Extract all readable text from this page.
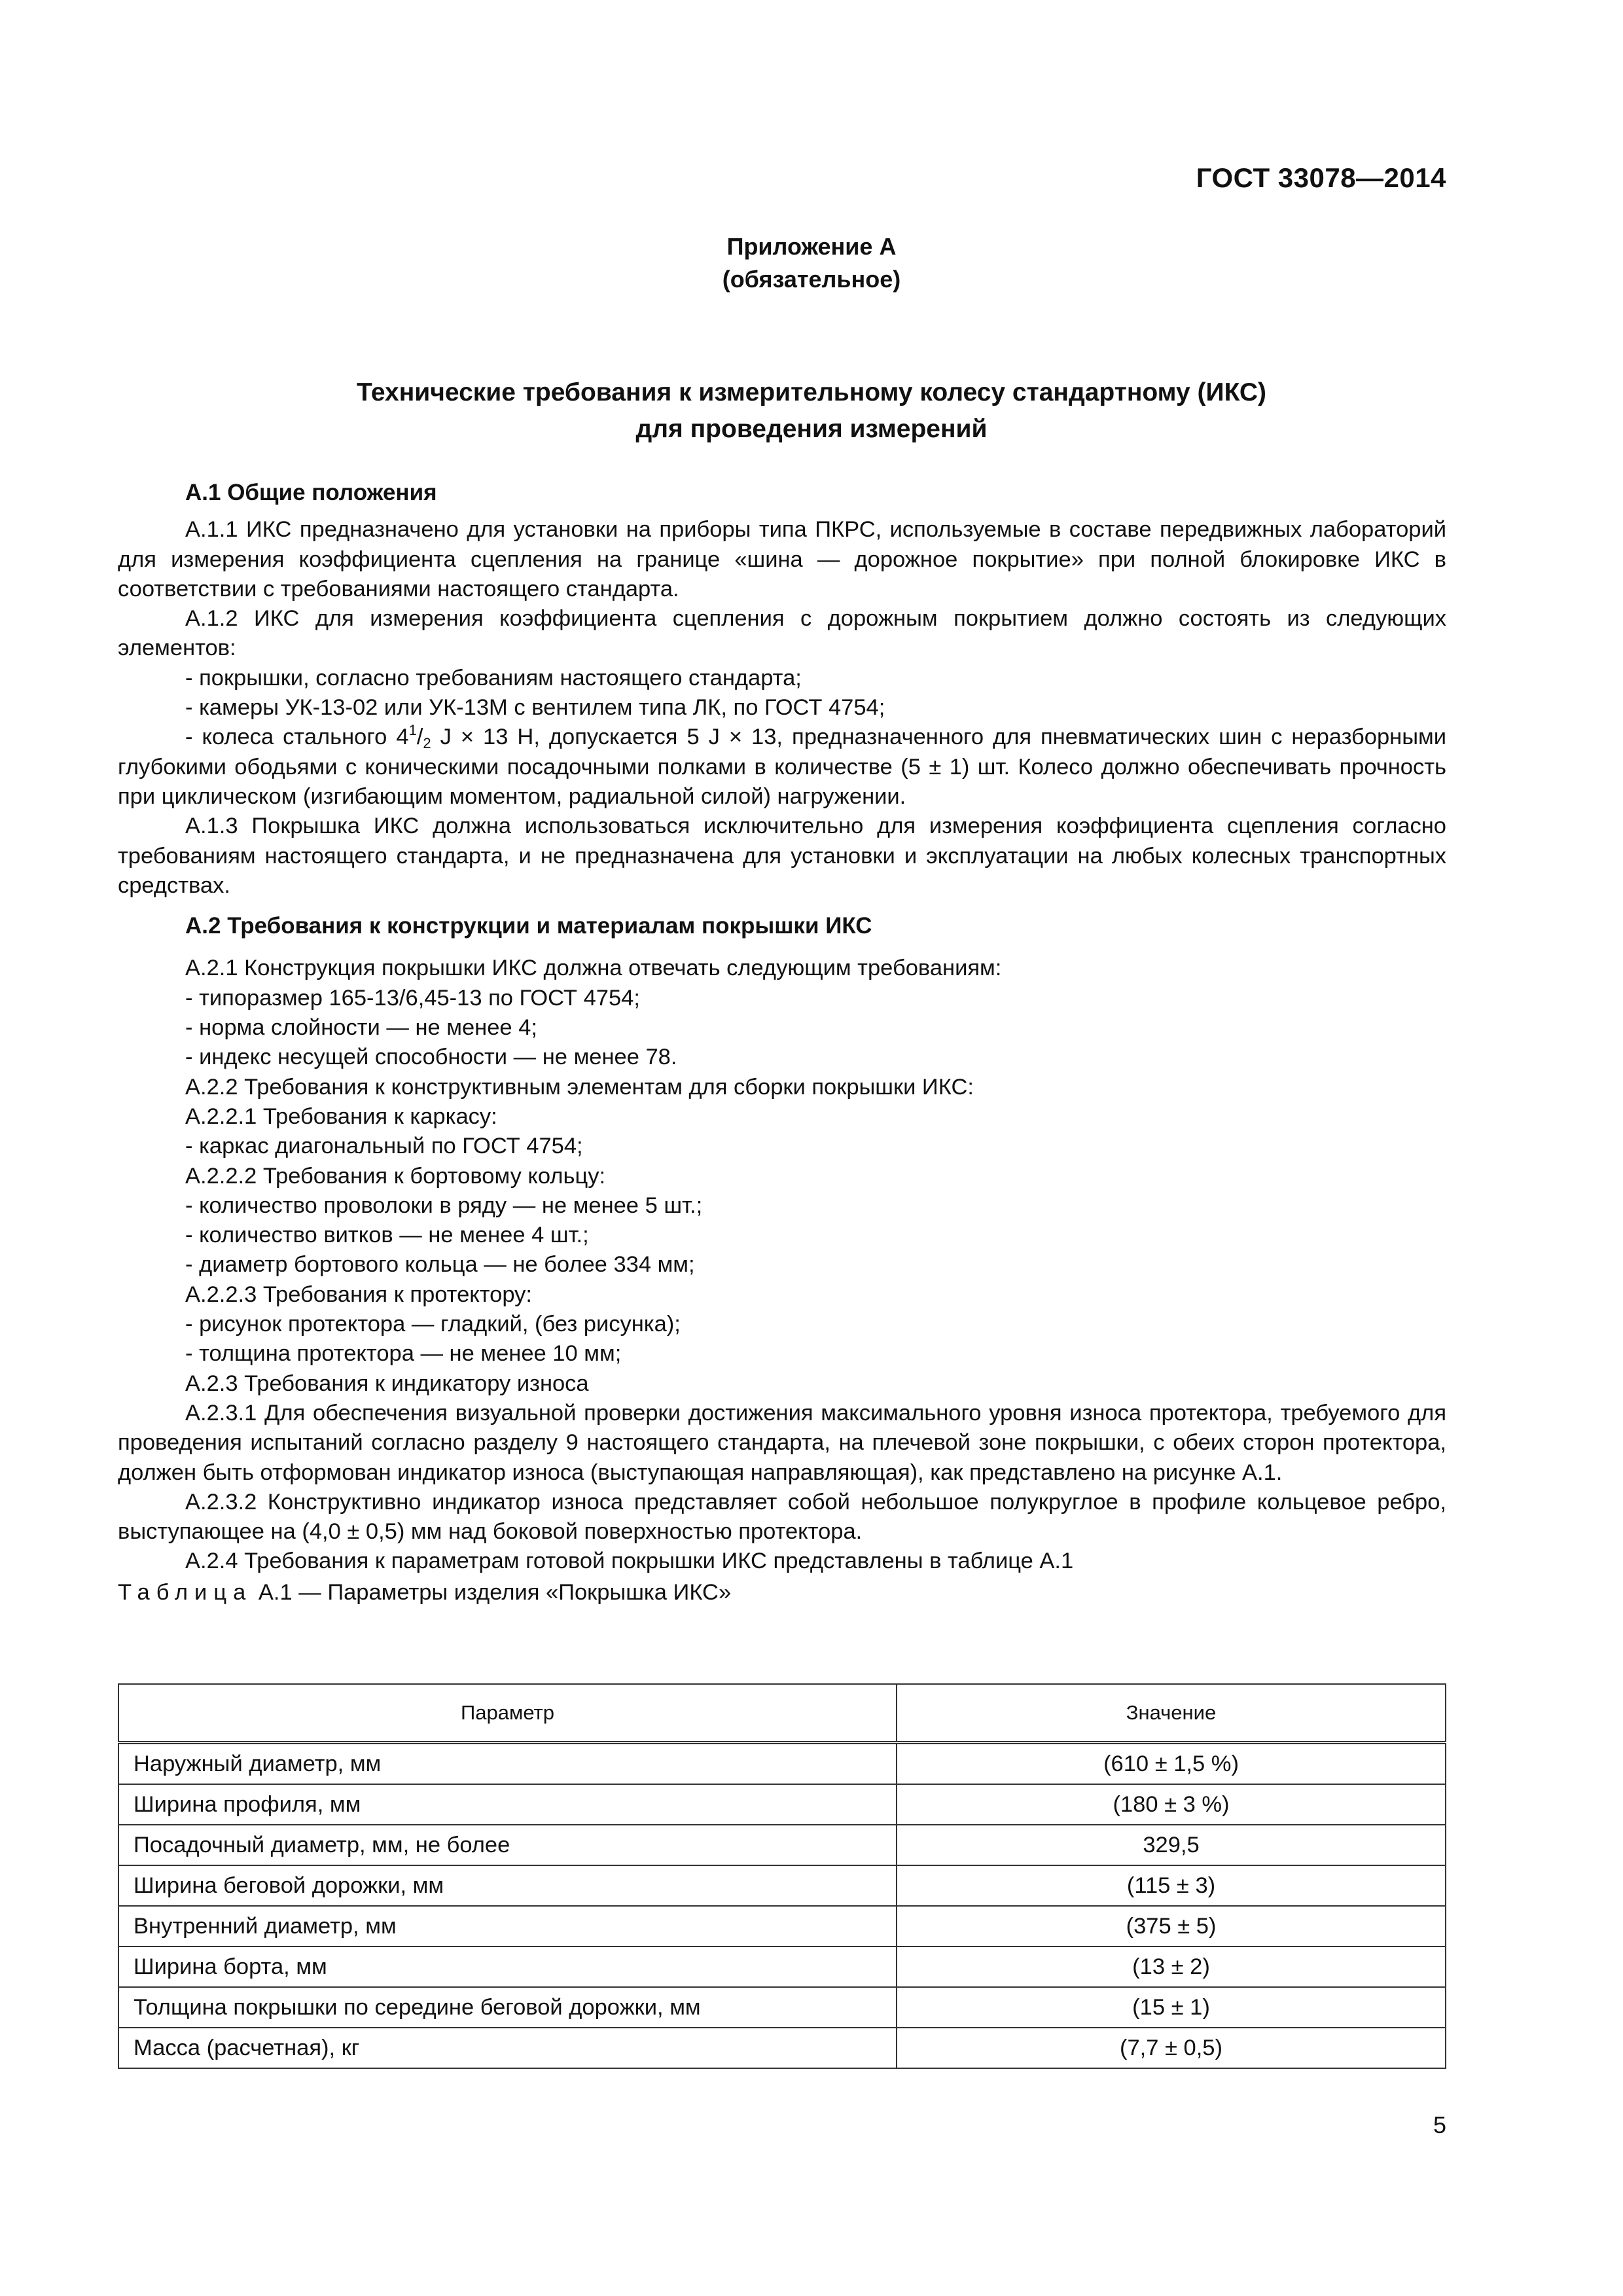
ГОСТ 33078—2014
Приложение А
(обязательное)
Технические требования к измерительному колесу стандартному (ИКС)
для проведения измерений
А.1 Общие положения

А.1.1 ИКС предназначено для установки на приборы типа ПКРС, используемые в составе передвижных лабораторий для измерения коэффициента сцепления на границе «шина — дорожное покрытие» при полной блокировке ИКС в соответствии с требованиями настоящего стандарта.

А.1.2 ИКС для измерения коэффициента сцепления с дорожным покрытием должно состоять из следующих элементов:

- покрышки, согласно требованиям настоящего стандарта;

- камеры УК-13-02 или УК-13М с вентилем типа ЛК, по ГОСТ 4754;

- колеса стального $4^1/_2$ J × 13 Н, допускается 5 J × 13, предназначенного для пневматических шин с неразборными глубокими ободьями с коническими посадочными полками в количестве (5 ± 1) шт. Колесо должно обеспечивать прочность при циклическом (изгибающим моментом, радиальной силой) нагружении.

А.1.3 Покрышка ИКС должна использоваться исключительно для измерения коэффициента сцепления согласно требованиям настоящего стандарта, и не предназначена для установки и эксплуатации на любых колесных транспортных средствах.

А.2 Требования к конструкции и материалам покрышки ИКС

А.2.1 Конструкция покрышки ИКС должна отвечать следующим требованиям:

- типоразмер 165-13/6,45-13 по ГОСТ 4754;

- норма слойности — не менее 4;

- индекс несущей способности — не менее 78.

А.2.2 Требования к конструктивным элементам для сборки покрышки ИКС:

А.2.2.1 Требования к каркасу:

- каркас диагональный по ГОСТ 4754;

А.2.2.2 Требования к бортовому кольцу:

- количество проволоки в ряду — не менее 5 шт.;

- количество витков — не менее 4 шт.;

- диаметр бортового кольца — не более 334 мм;

А.2.2.3 Требования к протектору:

- рисунок протектора — гладкий, (без рисунка);

- толщина протектора — не менее 10 мм;

А.2.3 Требования к индикатору износа

А.2.3.1 Для обеспечения визуальной проверки достижения максимального уровня износа протектора, требуемого для проведения испытаний согласно разделу 9 настоящего стандарта, на плечевой зоне покрышки, с обеих сторон протектора, должен быть отформован индикатор износа (выступающая направляющая), как представлено на рисунке А.1.

А.2.3.2 Конструктивно индикатор износа представляет собой небольшое полукруглое в профиле кольцевое ребро, выступающее на (4,0 ± 0,5) мм над боковой поверхностью протектора.

А.2.4 Требования к параметрам готовой покрышки ИКС представлены в таблице А.1

Таблица А.1 — Параметры изделия «Покрышка ИКС»

Параметр	Значение
Наружный диаметр, мм	(610 ± 1,5 %)
Ширина профиля, мм	(180 ± 3 %)
Посадочный диаметр, мм, не более	329,5
Ширина беговой дорожки, мм	(115 ± 3)
Внутренний диаметр, мм	(375 ± 5)
Ширина борта, мм	(13 ± 2)
Толщина покрышки по середине беговой дорожки, мм	(15 ± 1)
Масса (расчетная), кг	(7,7 ± 0,5)
5
